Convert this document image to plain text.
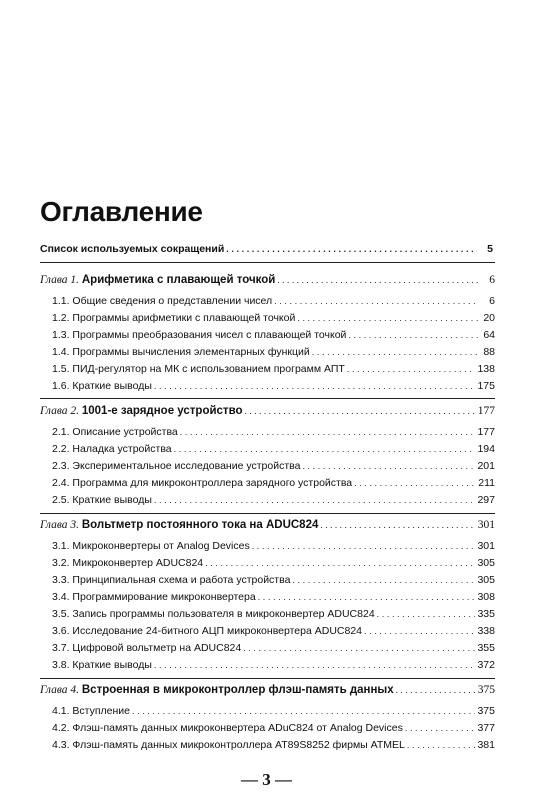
Оглавление
Список используемых сокращений .....	5
Глава 1. Арифметика с плавающей точкой .....	6
1.1. Общие сведения о представлении чисел .....	6
1.2. Программы арифметики с плавающей точкой .....	20
1.3. Программы преобразования чисел с плавающей точкой .....	64
1.4. Программы вычисления элементарных функций .....	88
1.5. ПИД-регулятор на МК с использованием программ АПТ .....	138
1.6. Краткие выводы .....	175
Глава 2. 1001-е зарядное устройство .....	177
2.1. Описание устройства .....	177
2.2. Наладка устройства .....	194
2.3. Экспериментальное исследование устройства .....	201
2.4. Программа для микроконтроллера зарядного устройства .....	211
2.5. Краткие выводы .....	297
Глава 3. Вольтметр постоянного тока на ADUC824 .....	301
3.1. Микроконвертеры от Analog Devices .....	301
3.2. Микроконвертер ADUC824 .....	305
3.3. Принципиальная схема и работа устройства .....	305
3.4. Программирование микроконвертера .....	308
3.5. Запись программы пользователя в микроконвертер ADUC824 .....	335
3.6. Исследование 24-битного АЦП микроконвертера ADUC824 .....	338
3.7. Цифровой вольтметр на ADUC824 .....	355
3.8. Краткие выводы .....	372
Глава 4. Встроенная в микроконтроллер флэш-память данных .....	375
4.1. Вступление .....	375
4.2. Флэш-память данных микроконвертера ADuC824 от Analog Devices .....	377
4.3. Флэш-память данных микроконтроллера AT89S8252 фирмы ATMEL .....	381
— 3 —
